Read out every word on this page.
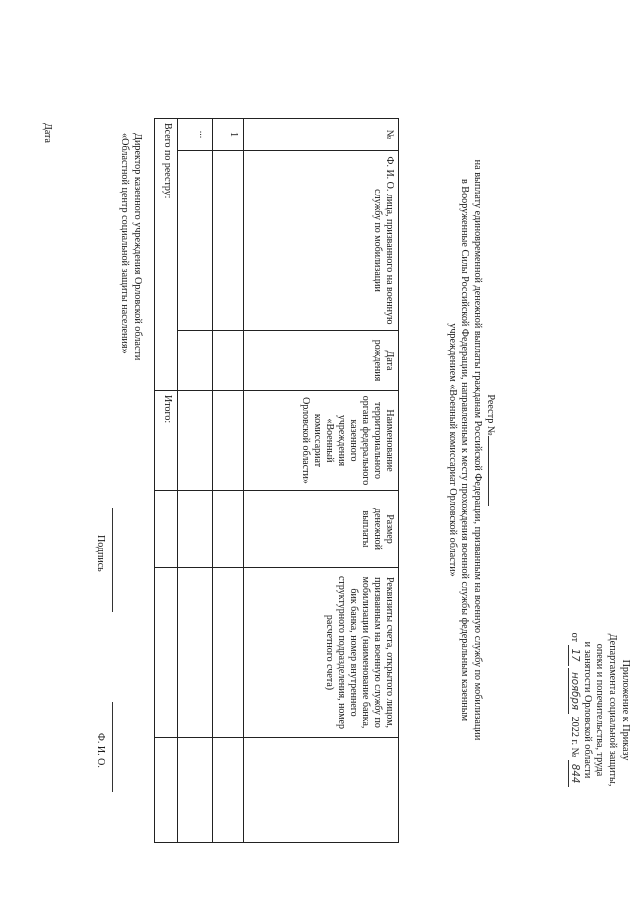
Приложение к Приказу
Департамента социальной защиты,
опеки и попечительства, труда
и занятости Орловской области
от 17 ноября 2022 г. № 844
Реестр №
на выплату единовременной денежной выплаты гражданам Российской Федерации, призванным на военную службу по мобилизации
в Вооруженные Силы Российской Федерации, направленным к месту прохождения военной службы федеральным казенным
учреждением «Военный комиссариат Орловской области»
№	Ф. И. О. лица, призванного на военную службу по мобилизации	Дата рождения	Наименование территориального органа федерального казенного учреждения «Военный комиссариат Орловской области»	Размер денежной выплаты	Реквизиты счета, открытого лицом, призванным на военную службу по мобилизации (наименование банка, бик банка, номер внутреннего структурного подразделения, номер расчетного счета)	
1						
...						
Всего по реестру:			Итого:			
Директор казенного учреждения Орловской области
«Областной центр социальной защиты населения»
Подпись
Ф. И. О.
Дата
